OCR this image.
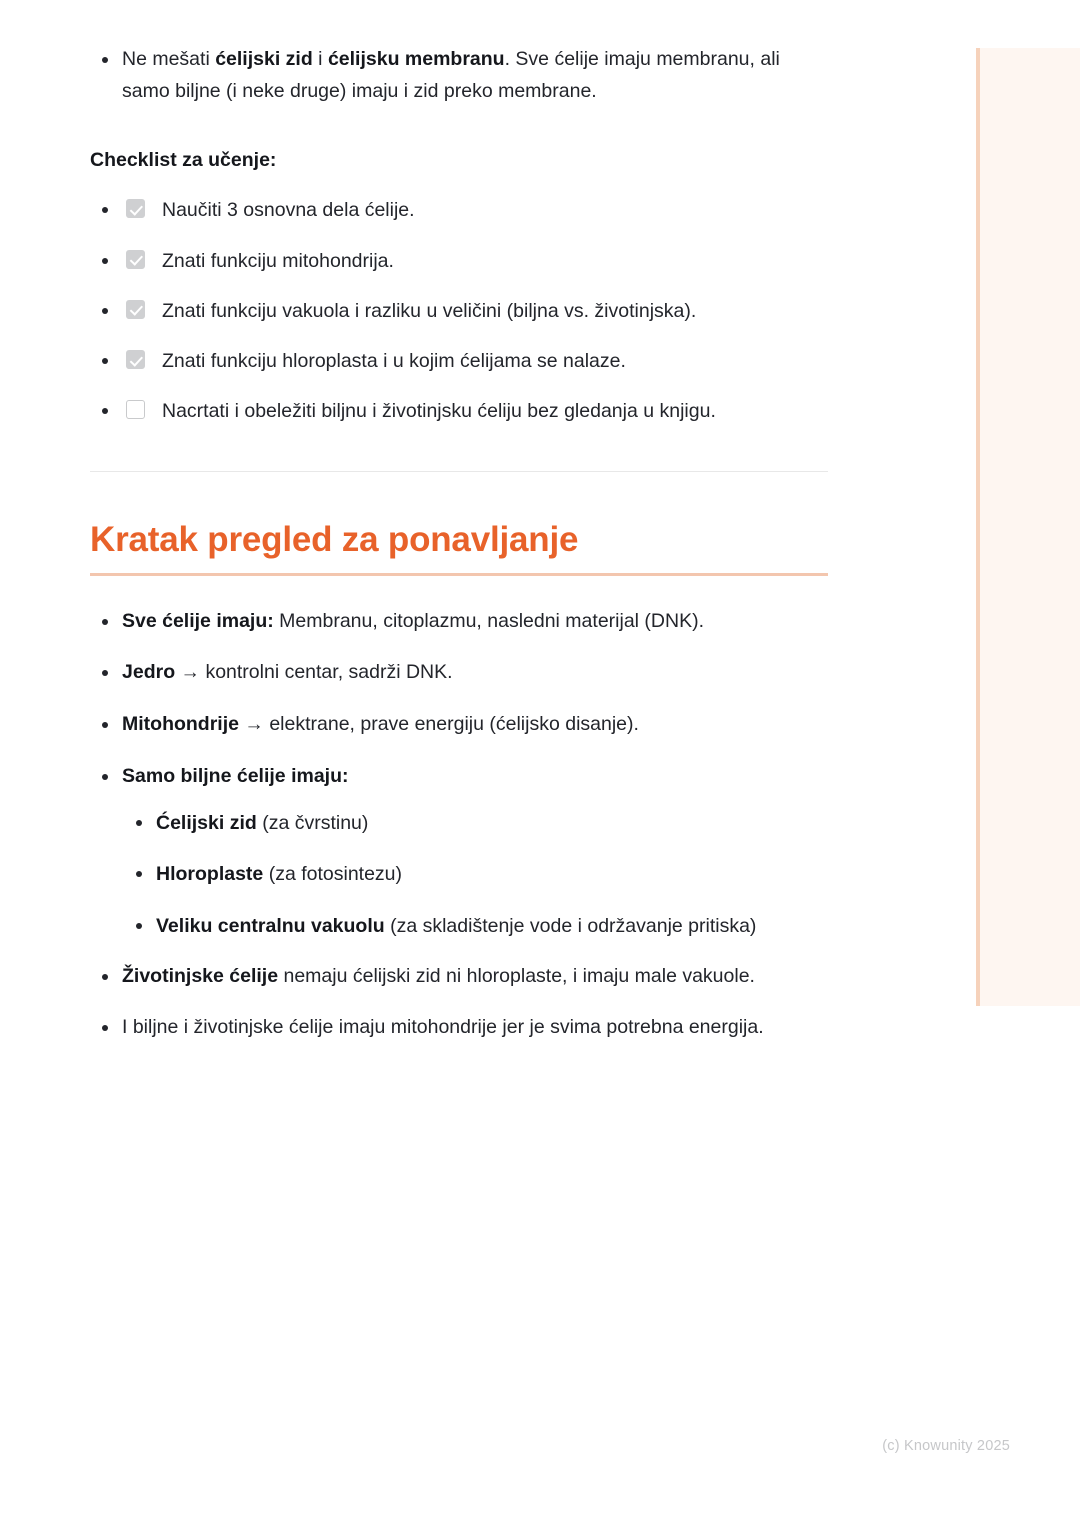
Ne mešati ćelijski zid i ćelijsku membranu. Sve ćelije imaju membranu, ali samo biljne (i neke druge) imaju i zid preko membrane.
Checklist za učenje:
Naučiti 3 osnovna dela ćelije.
Znati funkciju mitohondrija.
Znati funkciju vakuola i razliku u veličini (biljna vs. životinjska).
Znati funkciju hloroplasta i u kojim ćelijama se nalaze.
Nacrtati i obeležiti biljnu i životinjsku ćeliju bez gledanja u knjigu.
Kratak pregled za ponavljanje
Sve ćelije imaju: Membranu, citoplazmu, nasledni materijal (DNK).
Jedro → kontrolni centar, sadrži DNK.
Mitohondrije → elektrane, prave energiju (ćelijsko disanje).
Samo biljne ćelije imaju:
Ćelijski zid (za čvrstinu)
Hloroplaste (za fotosintezu)
Veliku centralnu vakuolu (za skladištenje vode i održavanje pritiska)
Životinjske ćelije nemaju ćelijski zid ni hloroplaste, i imaju male vakuole.
I biljne i životinjske ćelije imaju mitohondrije jer je svima potrebna energija.
(c) Knowunity 2025
